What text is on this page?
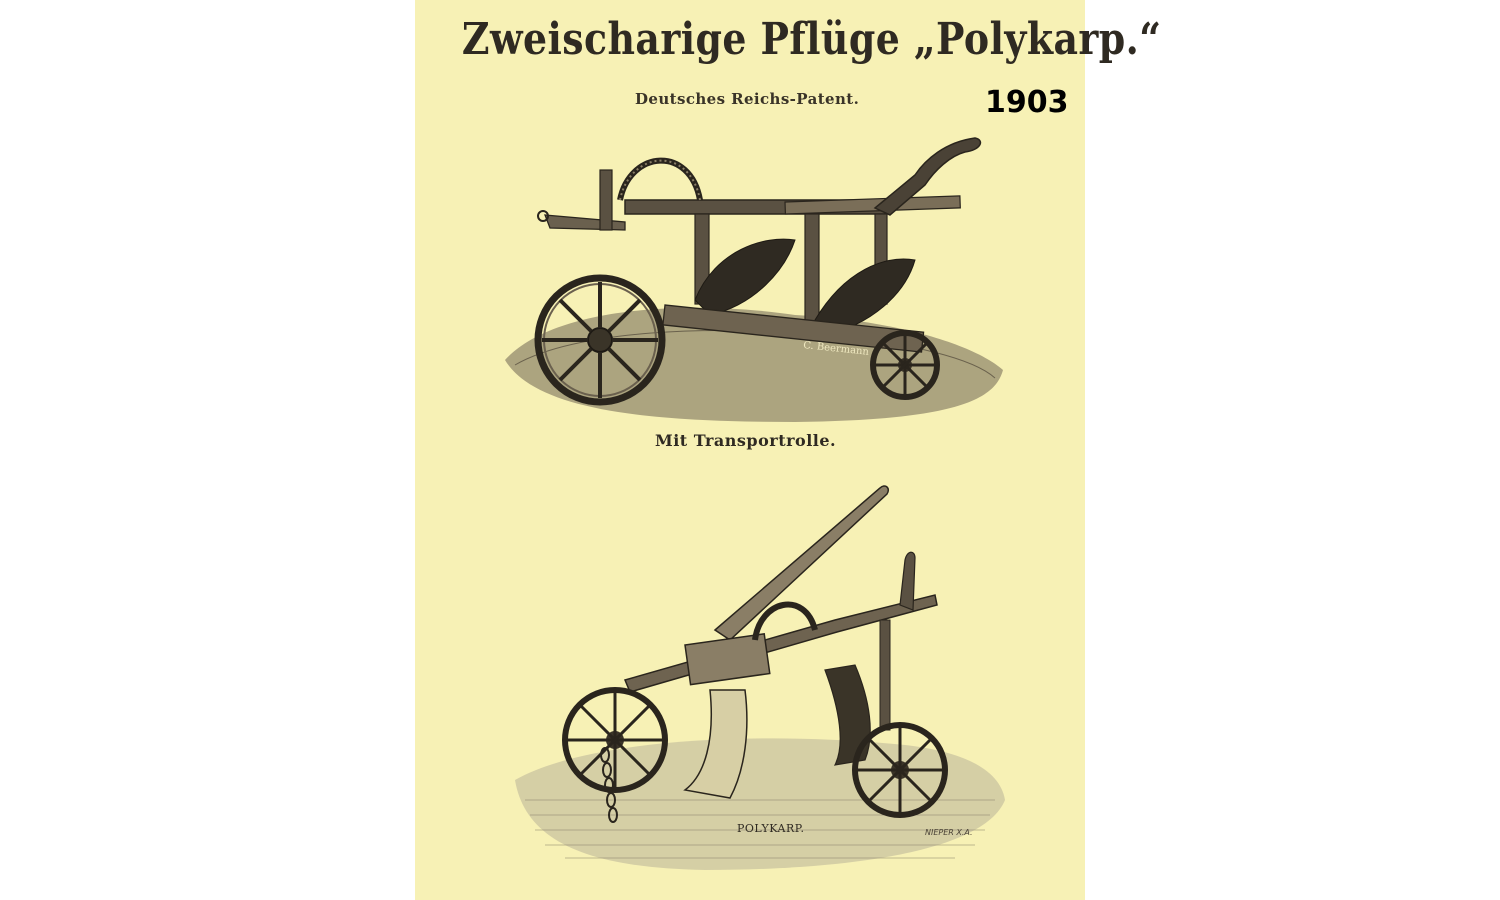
Zweischarige Pflüge „Polykarp.“
Deutsches Reichs-Patent.	1903
C. Beermann
Mit Transportrolle.
POLYKARP.	NIEPER X.A.
